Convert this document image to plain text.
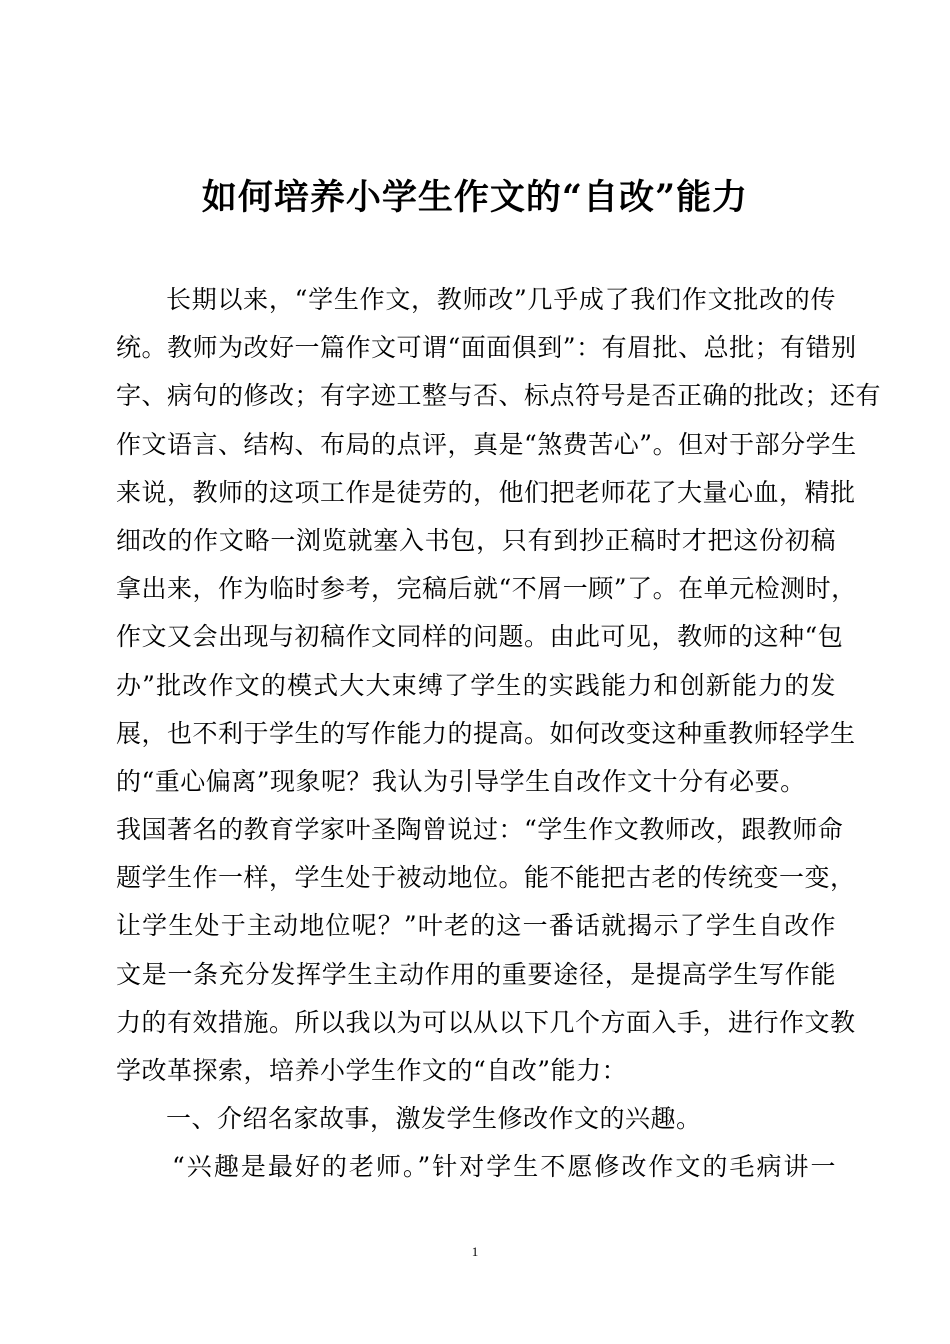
如何培养小学生作文的“自改”能力
长期以来，“学生作文，教师改”几乎成了我们作文批改的传
统。教师为改好一篇作文可谓“面面俱到”：有眉批、总批；有错别
字、病句的修改；有字迹工整与否、标点符号是否正确的批改；还有
作文语言、结构、布局的点评，真是“煞费苦心”。但对于部分学生
来说，教师的这项工作是徒劳的，他们把老师花了大量心血，精批
细改的作文略一浏览就塞入书包，只有到抄正稿时才把这份初稿
拿出来，作为临时参考，完稿后就“不屑一顾”了。在单元检测时，
作文又会出现与初稿作文同样的问题。由此可见，教师的这种“包
办”批改作文的模式大大束缚了学生的实践能力和创新能力的发
展，也不利于学生的写作能力的提高。如何改变这种重教师轻学生
的“重心偏离”现象呢？我认为引导学生自改作文十分有必要。
我国著名的教育学家叶圣陶曾说过：“学生作文教师改，跟教师命
题学生作一样，学生处于被动地位。能不能把古老的传统变一变，
让学生处于主动地位呢？”叶老的这一番话就揭示了学生自改作
文是一条充分发挥学生主动作用的重要途径，是提高学生写作能
力的有效措施。所以我以为可以从以下几个方面入手，进行作文教
学改革探索，培养小学生作文的“自改”能力：
一、介绍名家故事，激发学生修改作文的兴趣。
“兴趣是最好的老师。”针对学生不愿修改作文的毛病讲一
1
